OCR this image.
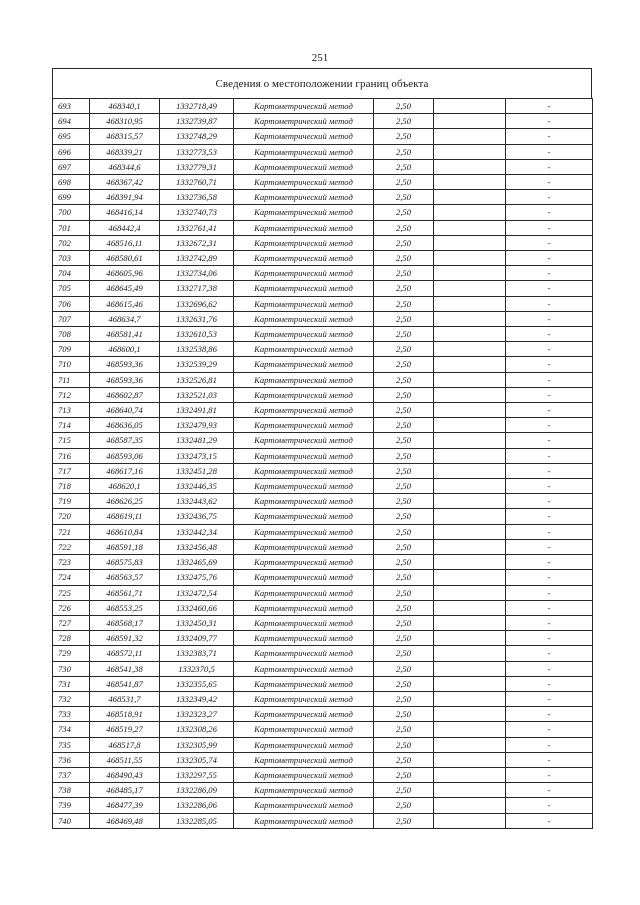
251
Сведения о местоположении границ объекта
693	468340,1	1332718,49	Картометрический метод	2,50		-
694	468310,95	1332739,87	Картометрический метод	2,50		-
695	468315,57	1332748,29	Картометрический метод	2,50		-
696	468339,21	1332773,53	Картометрический метод	2,50		-
697	468344,6	1332779,31	Картометрический метод	2,50		-
698	468367,42	1332760,71	Картометрический метод	2,50		-
699	468391,94	1332736,58	Картометрический метод	2,50		-
700	468416,14	1332740,73	Картометрический метод	2,50		-
701	468442,4	1332761,41	Картометрический метод	2,50		-
702	468516,11	1332672,31	Картометрический метод	2,50		-
703	468580,61	1332742,89	Картометрический метод	2,50		-
704	468605,96	1332734,06	Картометрический метод	2,50		-
705	468645,49	1332717,38	Картометрический метод	2,50		-
706	468615,46	1332696,62	Картометрический метод	2,50		-
707	468634,7	1332631,76	Картометрический метод	2,50		-
708	468581,41	1332610,53	Картометрический метод	2,50		-
709	468600,1	1332538,86	Картометрический метод	2,50		-
710	468593,36	1332539,29	Картометрический метод	2,50		-
711	468593,36	1332526,81	Картометрический метод	2,50		-
712	468602,87	1332521,03	Картометрический метод	2,50		-
713	468640,74	1332491,81	Картометрический метод	2,50		-
714	468636,05	1332479,93	Картометрический метод	2,50		-
715	468587,35	1332481,29	Картометрический метод	2,50		-
716	468593,06	1332473,15	Картометрический метод	2,50		-
717	468617,16	1332451,28	Картометрический метод	2,50		-
718	468620,1	1332446,35	Картометрический метод	2,50		-
719	468626,25	1332443,62	Картометрический метод	2,50		-
720	468619,11	1332436,75	Картометрический метод	2,50		-
721	468610,84	1332442,34	Картометрический метод	2,50		-
722	468591,18	1332456,48	Картометрический метод	2,50		-
723	468575,83	1332465,69	Картометрический метод	2,50		-
724	468563,57	1332475,76	Картометрический метод	2,50		-
725	468561,71	1332472,54	Картометрический метод	2,50		-
726	468553,25	1332460,66	Картометрический метод	2,50		-
727	468568,17	1332450,31	Картометрический метод	2,50		-
728	468591,32	1332409,77	Картометрический метод	2,50		-
729	468572,11	1332383,71	Картометрический метод	2,50		-
730	468541,38	1332370,5	Картометрический метод	2,50		-
731	468541,87	1332355,65	Картометрический метод	2,50		-
732	468531,7	1332349,42	Картометрический метод	2,50		-
733	468518,91	1332323,27	Картометрический метод	2,50		-
734	468519,27	1332308,26	Картометрический метод	2,50		-
735	468517,8	1332305,99	Картометрический метод	2,50		-
736	468511,55	1332305,74	Картометрический метод	2,50		-
737	468490,43	1332297,55	Картометрический метод	2,50		-
738	468485,17	1332286,09	Картометрический метод	2,50		-
739	468477,39	1332286,06	Картометрический метод	2,50		-
740	468469,48	1332285,05	Картометрический метод	2,50		-
